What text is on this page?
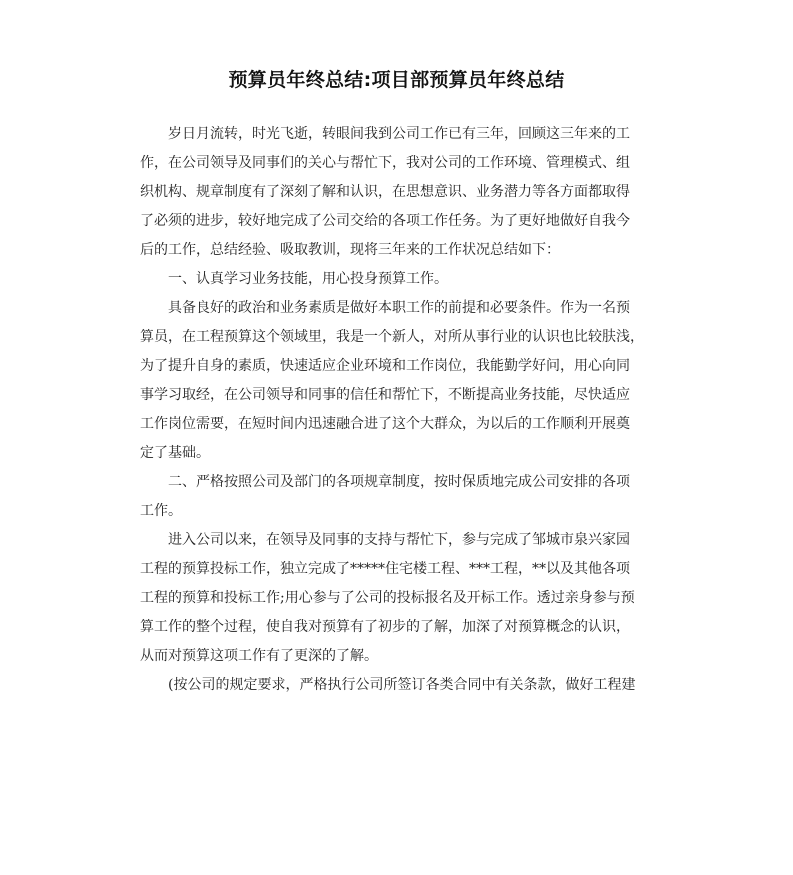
预算员年终总结:项目部预算员年终总结
岁日月流转，时光飞逝，转眼间我到公司工作已有三年，回顾这三年来的工
作，在公司领导及同事们的关心与帮忙下，我对公司的工作环境、管理模式、组
织机构、规章制度有了深刻了解和认识，在思想意识、业务潜力等各方面都取得
了必须的进步，较好地完成了公司交给的各项工作任务。为了更好地做好自我今
后的工作，总结经验、吸取教训，现将三年来的工作状况总结如下：
一、认真学习业务技能，用心投身预算工作。
具备良好的政治和业务素质是做好本职工作的前提和必要条件。作为一名预
算员，在工程预算这个领域里，我是一个新人，对所从事行业的认识也比较肤浅，
为了提升自身的素质，快速适应企业环境和工作岗位，我能勤学好问，用心向同
事学习取经，在公司领导和同事的信任和帮忙下，不断提高业务技能，尽快适应
工作岗位需要，在短时间内迅速融合进了这个大群众，为以后的工作顺利开展奠
定了基础。
二、严格按照公司及部门的各项规章制度，按时保质地完成公司安排的各项
工作。
进入公司以来，在领导及同事的支持与帮忙下，参与完成了邹城市泉兴家园
工程的预算投标工作，独立完成了*****住宅楼工程、***工程，**以及其他各项
工程的预算和投标工作;用心参与了公司的投标报名及开标工作。透过亲身参与预
算工作的整个过程，使自我对预算有了初步的了解，加深了对预算概念的认识，
从而对预算这项工作有了更深的了解。
(按公司的规定要求，严格执行公司所签订各类合同中有关条款，做好工程建
